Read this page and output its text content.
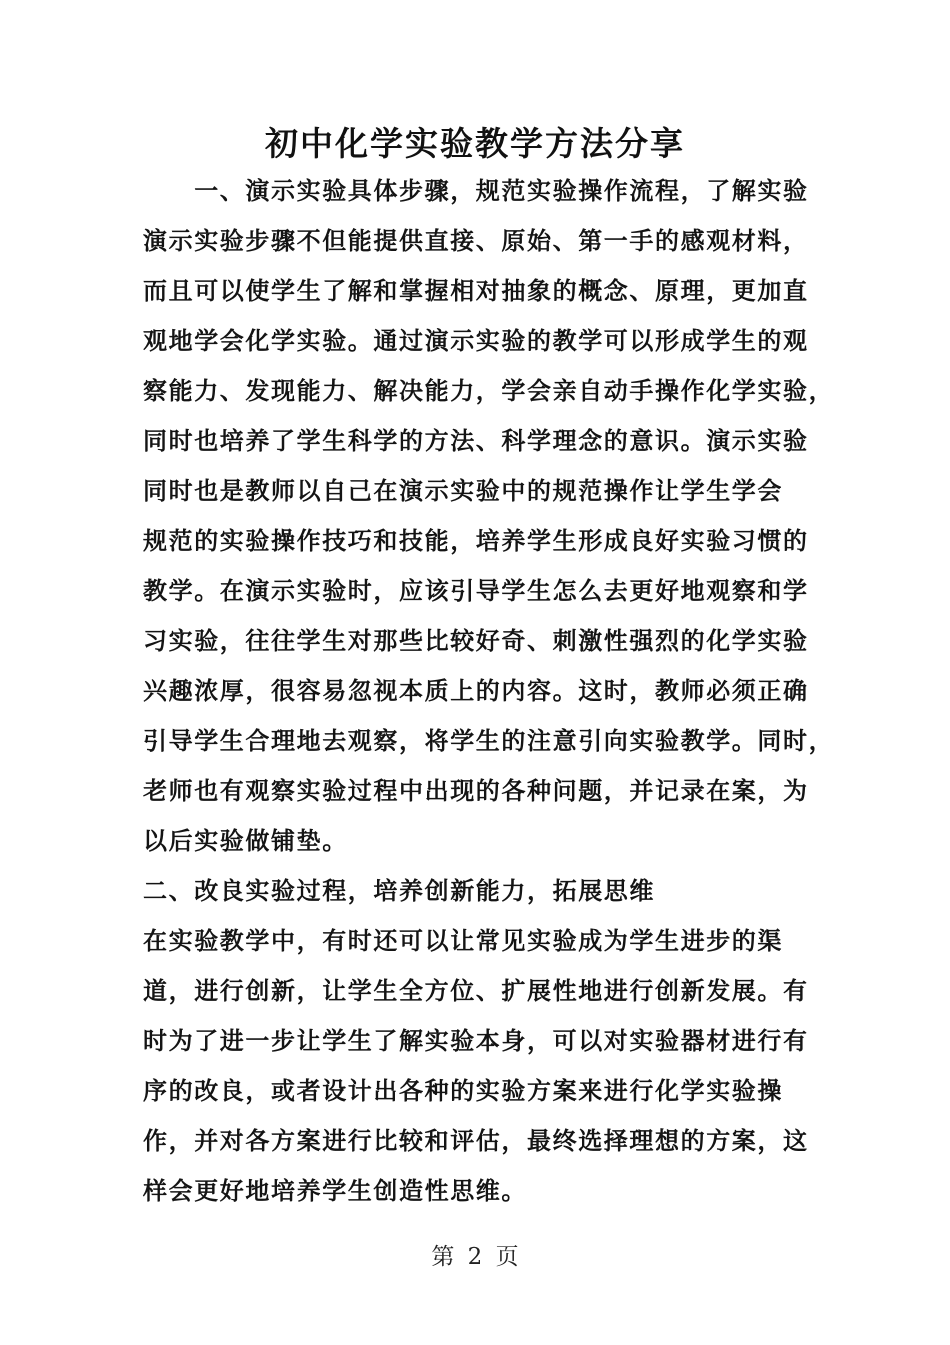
初中化学实验教学方法分享
　　一、演示实验具体步骤，规范实验操作流程，了解实验
演示实验步骤不但能提供直接、原始、第一手的感观材料，
而且可以使学生了解和掌握相对抽象的概念、原理，更加直
观地学会化学实验。通过演示实验的教学可以形成学生的观
察能力、发现能力、解决能力，学会亲自动手操作化学实验，
同时也培养了学生科学的方法、科学理念的意识。演示实验
同时也是教师以自己在演示实验中的规范操作让学生学会
规范的实验操作技巧和技能，培养学生形成良好实验习惯的
教学。在演示实验时，应该引导学生怎么去更好地观察和学
习实验，往往学生对那些比较好奇、刺激性强烈的化学实验
兴趣浓厚，很容易忽视本质上的内容。这时，教师必须正确
引导学生合理地去观察，将学生的注意引向实验教学。同时，
老师也有观察实验过程中出现的各种问题，并记录在案，为
以后实验做铺垫。
二、改良实验过程，培养创新能力，拓展思维
在实验教学中，有时还可以让常见实验成为学生进步的渠
道，进行创新，让学生全方位、扩展性地进行创新发展。有
时为了进一步让学生了解实验本身，可以对实验器材进行有
序的改良，或者设计出各种的实验方案来进行化学实验操
作，并对各方案进行比较和评估，最终选择理想的方案，这
样会更好地培养学生创造性思维。
第 2 页
